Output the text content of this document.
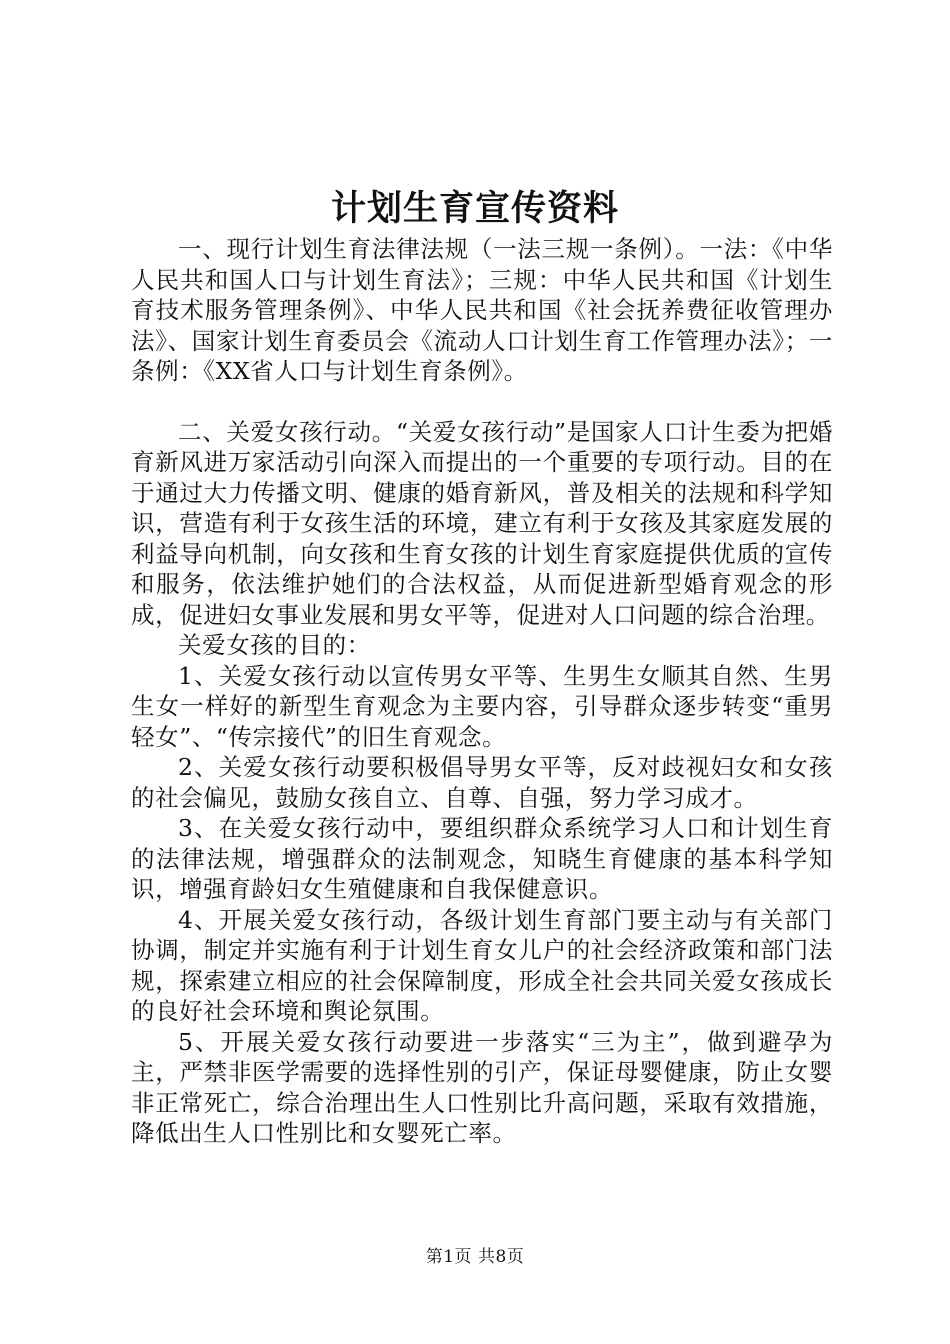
计划生育宣传资料

一、现行计划生育法律法规（一法三规一条例）。一法：《中华人民共和国人口与计划生育法》；三规：中华人民共和国《计划生育技术服务管理条例》、中华人民共和国《社会抚养费征收管理办法》、国家计划生育委员会《流动人口计划生育工作管理办法》；一条例：《XX省人口与计划生育条例》。

二、关爱女孩行动。“关爱女孩行动”是国家人口计生委为把婚育新风进万家活动引向深入而提出的一个重要的专项行动。目的在于通过大力传播文明、健康的婚育新风，普及相关的法规和科学知识，营造有利于女孩生活的环境，建立有利于女孩及其家庭发展的利益导向机制，向女孩和生育女孩的计划生育家庭提供优质的宣传和服务，依法维护她们的合法权益，从而促进新型婚育观念的形成，促进妇女事业发展和男女平等，促进对人口问题的综合治理。

关爱女孩的目的：

1、关爱女孩行动以宣传男女平等、生男生女顺其自然、生男生女一样好的新型生育观念为主要内容，引导群众逐步转变“重男轻女”、“传宗接代”的旧生育观念。

2、关爱女孩行动要积极倡导男女平等，反对歧视妇女和女孩的社会偏见，鼓励女孩自立、自尊、自强，努力学习成才。

3、在关爱女孩行动中，要组织群众系统学习人口和计划生育的法律法规，增强群众的法制观念，知晓生育健康的基本科学知识，增强育龄妇女生殖健康和自我保健意识。

4、开展关爱女孩行动，各级计划生育部门要主动与有关部门协调，制定并实施有利于计划生育女儿户的社会经济政策和部门法规，探索建立相应的社会保障制度，形成全社会共同关爱女孩成长的良好社会环境和舆论氛围。

5、开展关爱女孩行动要进一步落实“三为主”，做到避孕为主，严禁非医学需要的选择性别的引产，保证母婴健康，防止女婴非正常死亡，综合治理出生人口性别比升高问题，采取有效措施，降低出生人口性别比和女婴死亡率。

第1页 共8页
